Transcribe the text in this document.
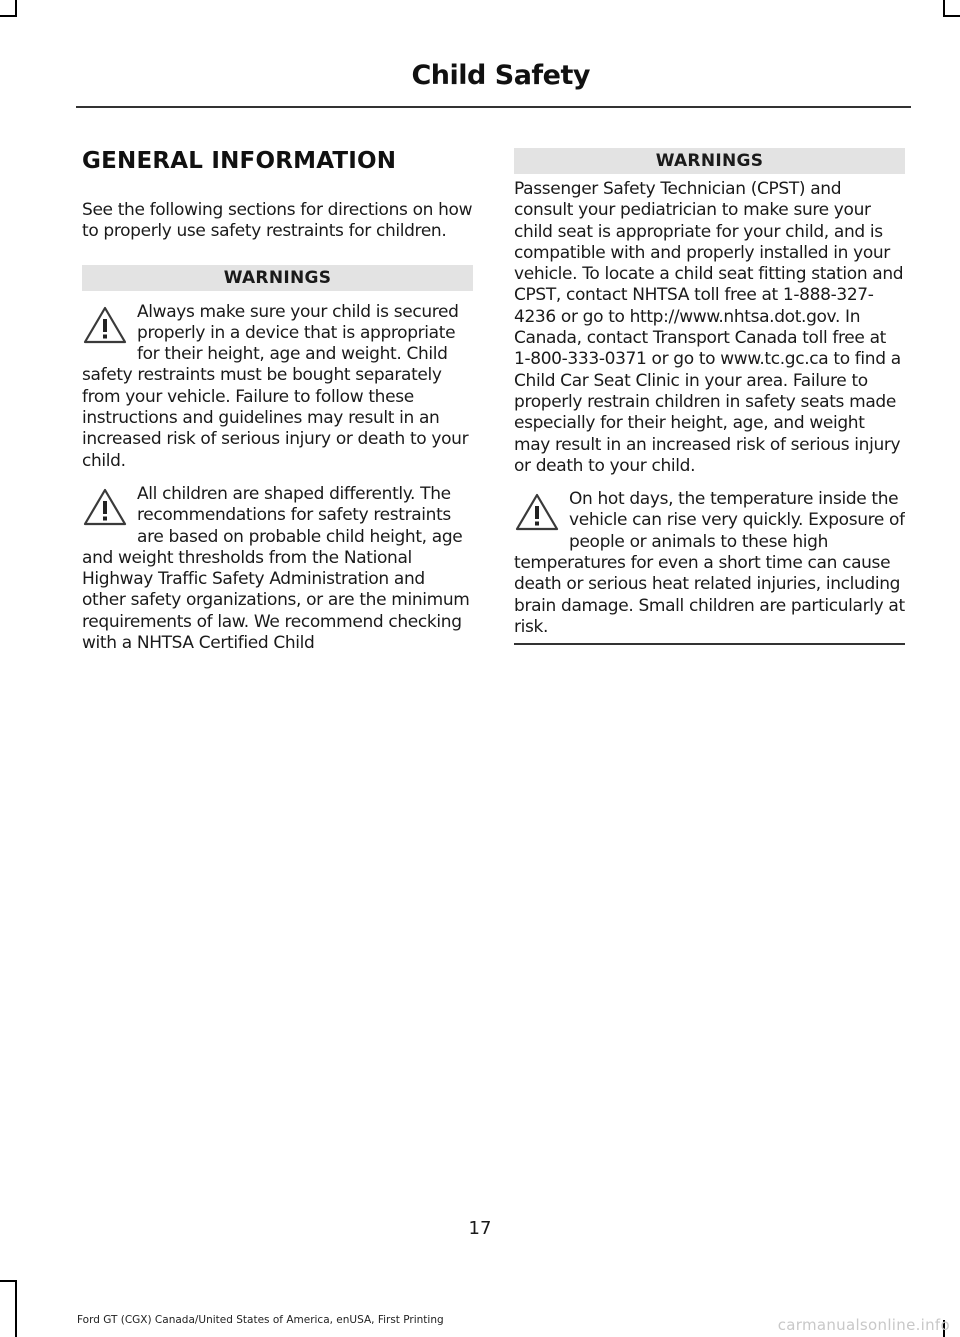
Child Safety
GENERAL INFORMATION

See the following sections for directions on how to properly use safety restraints for children.

WARNINGS
Always make sure your child is secured properly in a device that is appropriate for their height, age and weight. Child safety restraints must be bought separately from your vehicle. Failure to follow these instructions and guidelines may result in an increased risk of serious injury or death to your child.
All children are shaped differently. The recommendations for safety restraints are based on probable child height, age and weight thresholds from the National Highway Traffic Safety Administration and other safety organizations, or are the minimum requirements of law. We recommend checking with a NHTSA Certified Child
WARNINGS

Passenger Safety Technician (CPST) and consult your pediatrician to make sure your child seat is appropriate for your child, and is compatible with and properly installed in your vehicle. To locate a child seat fitting station and CPST, contact NHTSA toll free at 1-888-327-4236 or go to http://www.nhtsa.dot.gov. In Canada, contact Transport Canada toll free at 1-800-333-0371 or go to www.tc.gc.ca to find a Child Car Seat Clinic in your area. Failure to properly restrain children in safety seats made especially for their height, age, and weight may result in an increased risk of serious injury or death to your child.

On hot days, the temperature inside the vehicle can rise very quickly. Exposure of people or animals to these high temperatures for even a short time can cause death or serious heat related injuries, including brain damage. Small children are particularly at risk.
17
Ford GT (CGX) Canada/United States of America, enUSA, First Printing	carmanualsonline.info
